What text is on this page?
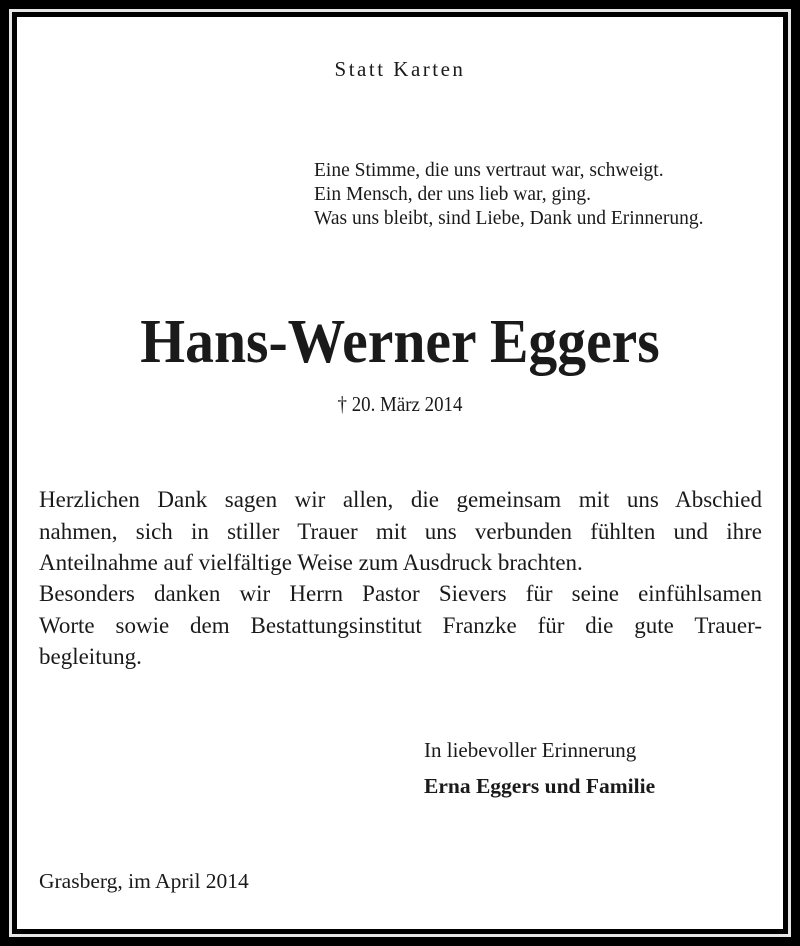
Statt Karten
Eine Stimme, die uns vertraut war, schweigt.
Ein Mensch, der uns lieb war, ging.
Was uns bleibt, sind Liebe, Dank und Erinnerung.
Hans-Werner Eggers
† 20. März 2014
Herzlichen Dank sagen wir allen, die gemeinsam mit uns Abschied
nahmen, sich in stiller Trauer mit uns verbunden fühlten und ihre
Anteilnahme auf vielfältige Weise zum Ausdruck brachten.
Besonders danken wir Herrn Pastor Sievers für seine einfühlsamen
Worte sowie dem Bestattungsinstitut Franzke für die gute Trauer-
begleitung.
In liebevoller Erinnerung
Erna Eggers und Familie
Grasberg, im April 2014
